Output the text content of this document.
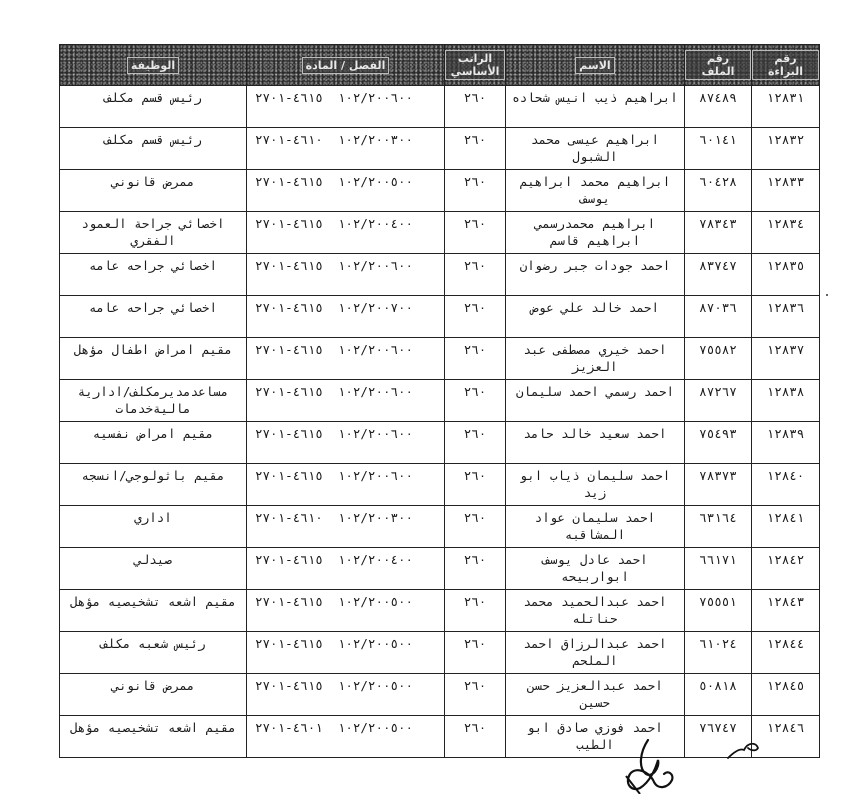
رقم البراءة	رقم الملف	الاسم	الراتب الأساسي	الفصل / المادة	الوظيفة
١٢٨٣١	٨٧٤٨٩	ابراهيم ذيب انيس شحاده	٢٦٠	١٠٢/٢٠٠٦٠٠  ٤٦١٥-٢٧٠١	رئيس قسم مكلف
١٢٨٣٢	٦٠١٤١	ابراهيم عيسى محمد الشبول	٢٦٠	١٠٢/٢٠٠٣٠٠  ٤٦١٠-٢٧٠١	رئيس قسم مكلف
١٢٨٣٣	٦٠٤٢٨	ابراهيم محمد ابراهيم يوسف	٢٦٠	١٠٢/٢٠٠٥٠٠  ٤٦١٥-٢٧٠١	ممرض قانوني
١٢٨٣٤	٧٨٣٤٣	ابراهيم محمدرسمي ابراهيم قاسم	٢٦٠	١٠٢/٢٠٠٤٠٠  ٤٦١٥-٢٧٠١	اخصائي جراحة العمود الفقري
١٢٨٣٥	٨٣٧٤٧	احمد جودات جبر رضوان	٢٦٠	١٠٢/٢٠٠٦٠٠  ٤٦١٥-٢٧٠١	اخصائي جراحه عامه
١٢٨٣٦	٨٧٠٣٦	احمد خالد علي عوض	٢٦٠	١٠٢/٢٠٠٧٠٠  ٤٦١٥-٢٧٠١	اخصائي جراحه عامه
١٢٨٣٧	٧٥٥٨٢	احمد خيري مصطفى عبد العزيز	٢٦٠	١٠٢/٢٠٠٦٠٠  ٤٦١٥-٢٧٠١	مقيم امراض اطفال مؤهل
١٢٨٣٨	٨٧٢٦٧	احمد رسمي احمد سليمان	٢٦٠	١٠٢/٢٠٠٦٠٠  ٤٦١٥-٢٧٠١	مساعدمديرمكلف/ادارية ماليةخدمات
١٢٨٣٩	٧٥٤٩٣	احمد سعيد خالد حامد	٢٦٠	١٠٢/٢٠٠٦٠٠  ٤٦١٥-٢٧٠١	مقيم امراض نفسيه
١٢٨٤٠	٧٨٣٧٣	احمد سليمان ذياب ابو زيد	٢٦٠	١٠٢/٢٠٠٦٠٠  ٤٦١٥-٢٧٠١	مقيم باثولوجي/انسجه
١٢٨٤١	٦٣١٦٤	احمد سليمان عواد المشاقبه	٢٦٠	١٠٢/٢٠٠٣٠٠  ٤٦١٠-٢٧٠١	اداري
١٢٨٤٢	٦٦١٧١	احمد عادل يوسف ابواربيحه	٢٦٠	١٠٢/٢٠٠٤٠٠  ٤٦١٥-٢٧٠١	صيدلي
١٢٨٤٣	٧٥٥٥١	احمد عبدالحميد محمد حناتله	٢٦٠	١٠٢/٢٠٠٥٠٠  ٤٦١٥-٢٧٠١	مقيم اشعه تشخيصيه مؤهل
١٢٨٤٤	٦١٠٢٤	احمد عبدالرزاق احمد الملحم	٢٦٠	١٠٢/٢٠٠٥٠٠  ٤٦١٥-٢٧٠١	رئيس شعبه مكلف
١٢٨٤٥	٥٠٨١٨	احمد عبدالعزيز حسن حسين	٢٦٠	١٠٢/٢٠٠٥٠٠  ٤٦١٥-٢٧٠١	ممرض قانوني
١٢٨٤٦	٧٦٧٤٧	احمد فوزي صادق ابو الطيب	٢٦٠	١٠٢/٢٠٠٥٠٠  ٤٦٠١-٢٧٠١	مقيم اشعه تشخيصيه مؤهل
